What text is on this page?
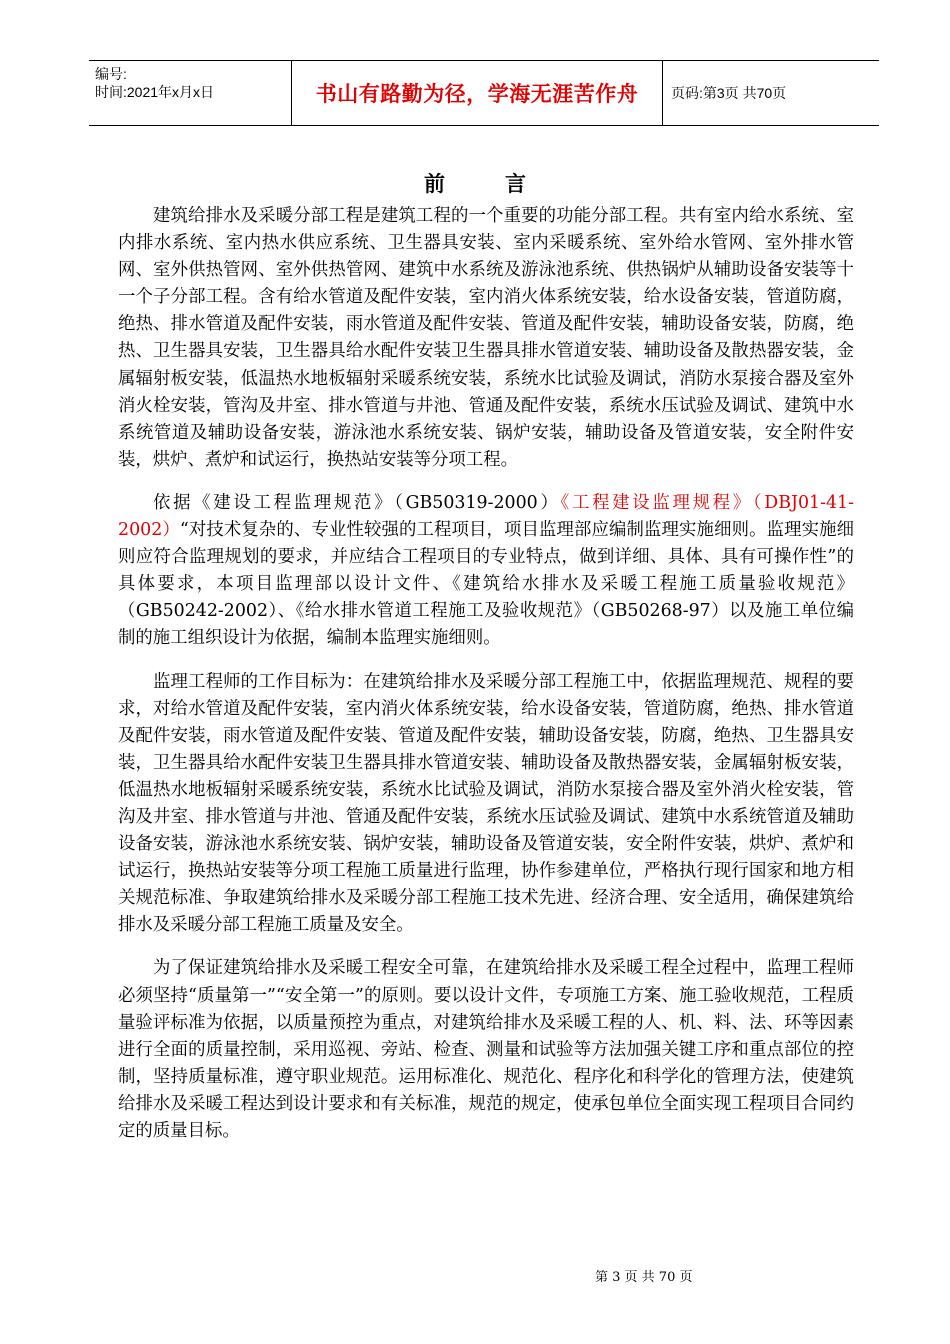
编号:
时间:2021年x月x日	书山有路勤为径，学海无涯苦作舟	页码:第3页 共70页
前言

建筑给排水及采暖分部工程是建筑工程的一个重要的功能分部工程。共有室内给水系统、室内排水系统、室内热水供应系统、卫生器具安装、室内采暖系统、室外给水管网、室外排水管网、室外供热管网、室外供热管网、建筑中水系统及游泳池系统、供热锅炉从辅助设备安装等十一个子分部工程。含有给水管道及配件安装，室内消火体系统安装，给水设备安装，管道防腐，绝热、排水管道及配件安装，雨水管道及配件安装、管道及配件安装，辅助设备安装，防腐，绝热、卫生器具安装，卫生器具给水配件安装卫生器具排水管道安装、辅助设备及散热器安装，金属辐射板安装，低温热水地板辐射采暖系统安装，系统水比试验及调试，消防水泵接合器及室外消火栓安装，管沟及井室、排水管道与井池、管通及配件安装，系统水压试验及调试、建筑中水系统管道及辅助设备安装，游泳池水系统安装、锅炉安装，辅助设备及管道安装，安全附件安装，烘炉、煮炉和试运行，换热站安装等分项工程。

依据《建设工程监理规范》（GB50319-2000）《工程建设监理规程》（DBJ01-41-2002）“对技术复杂的、专业性较强的工程项目，项目监理部应编制监理实施细则。监理实施细则应符合监理规划的要求，并应结合工程项目的专业特点，做到详细、具体、具有可操作性”的具体要求，本项目监理部以设计文件、《建筑给水排水及采暖工程施工质量验收规范》（GB50242-2002）、《给水排水管道工程施工及验收规范》（GB50268-97）以及施工单位编制的施工组织设计为依据，编制本监理实施细则。

监理工程师的工作目标为：在建筑给排水及采暖分部工程施工中，依据监理规范、规程的要求，对给水管道及配件安装，室内消火体系统安装，给水设备安装，管道防腐，绝热、排水管道及配件安装，雨水管道及配件安装、管道及配件安装，辅助设备安装，防腐，绝热、卫生器具安装，卫生器具给水配件安装卫生器具排水管道安装、辅助设备及散热器安装，金属辐射板安装，低温热水地板辐射采暖系统安装，系统水比试验及调试，消防水泵接合器及室外消火栓安装，管沟及井室、排水管道与井池、管通及配件安装，系统水压试验及调试、建筑中水系统管道及辅助设备安装，游泳池水系统安装、锅炉安装，辅助设备及管道安装，安全附件安装，烘炉、煮炉和试运行，换热站安装等分项工程施工质量进行监理，协作参建单位，严格执行现行国家和地方相关规范标准、争取建筑给排水及采暖分部工程施工技术先进、经济合理、安全适用，确保建筑给排水及采暖分部工程施工质量及安全。

为了保证建筑给排水及采暖工程安全可靠，在建筑给排水及采暖工程全过程中，监理工程师必须坚持“质量第一”“安全第一”的原则。要以设计文件，专项施工方案、施工验收规范，工程质量验评标准为依据，以质量预控为重点，对建筑给排水及采暖工程的人、机、料、法、环等因素进行全面的质量控制，采用巡视、旁站、检查、测量和试验等方法加强关键工序和重点部位的控制，坚持质量标准，遵守职业规范。运用标准化、规范化、程序化和科学化的管理方法，使建筑给排水及采暖工程达到设计要求和有关标准，规范的规定，使承包单位全面实现工程项目合同约定的质量目标。

第 3 页 共 70 页
